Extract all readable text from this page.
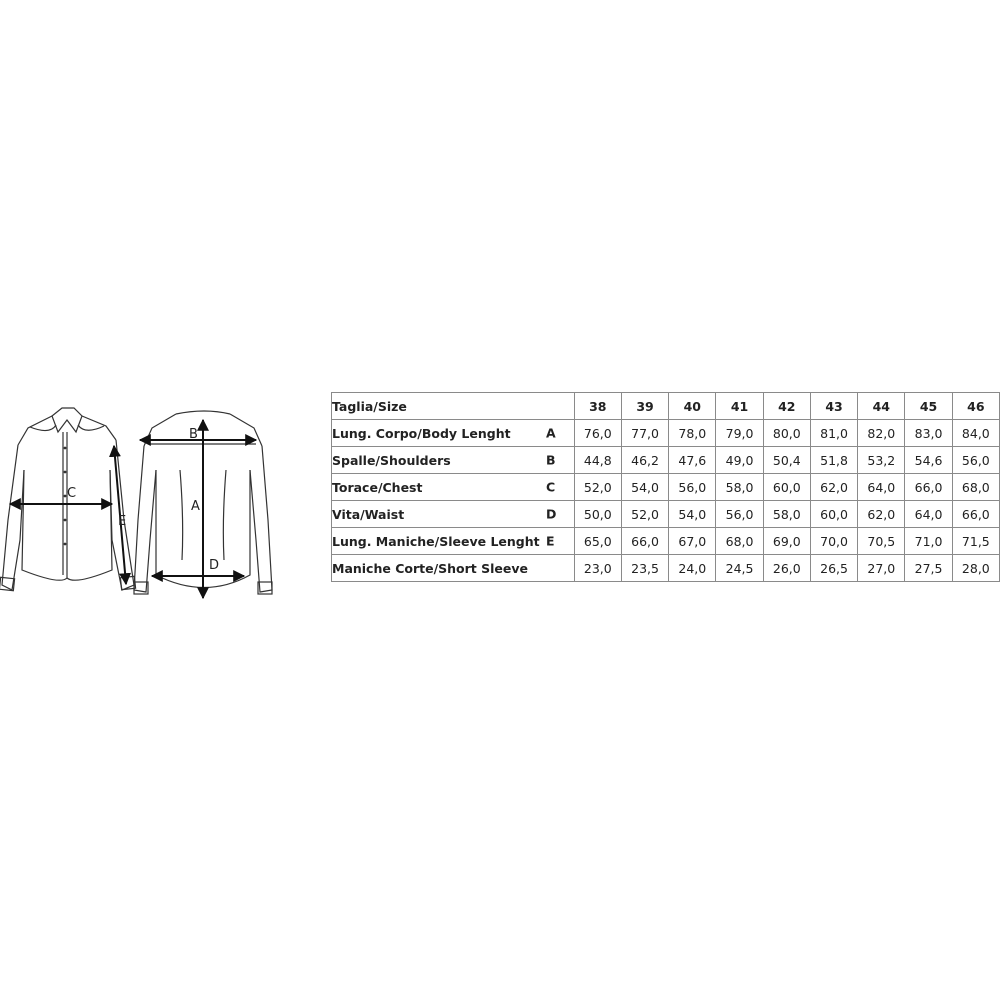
C
E
B
A
D
Taglia/Size	38	39	40	41	42	43	44	45	46
Lung. Corpo/Body Lenght A	76,0	77,0	78,0	79,0	80,0	81,0	82,0	83,0	84,0
Spalle/Shoulders B	44,8	46,2	47,6	49,0	50,4	51,8	53,2	54,6	56,0
Torace/Chest C	52,0	54,0	56,0	58,0	60,0	62,0	64,0	66,0	68,0
Vita/Waist D	50,0	52,0	54,0	56,0	58,0	60,0	62,0	64,0	66,0
Lung. Maniche/Sleeve Lenght E	65,0	66,0	67,0	68,0	69,0	70,0	70,5	71,0	71,5
Maniche Corte/Short Sleeve	23,0	23,5	24,0	24,5	26,0	26,5	27,0	27,5	28,0
